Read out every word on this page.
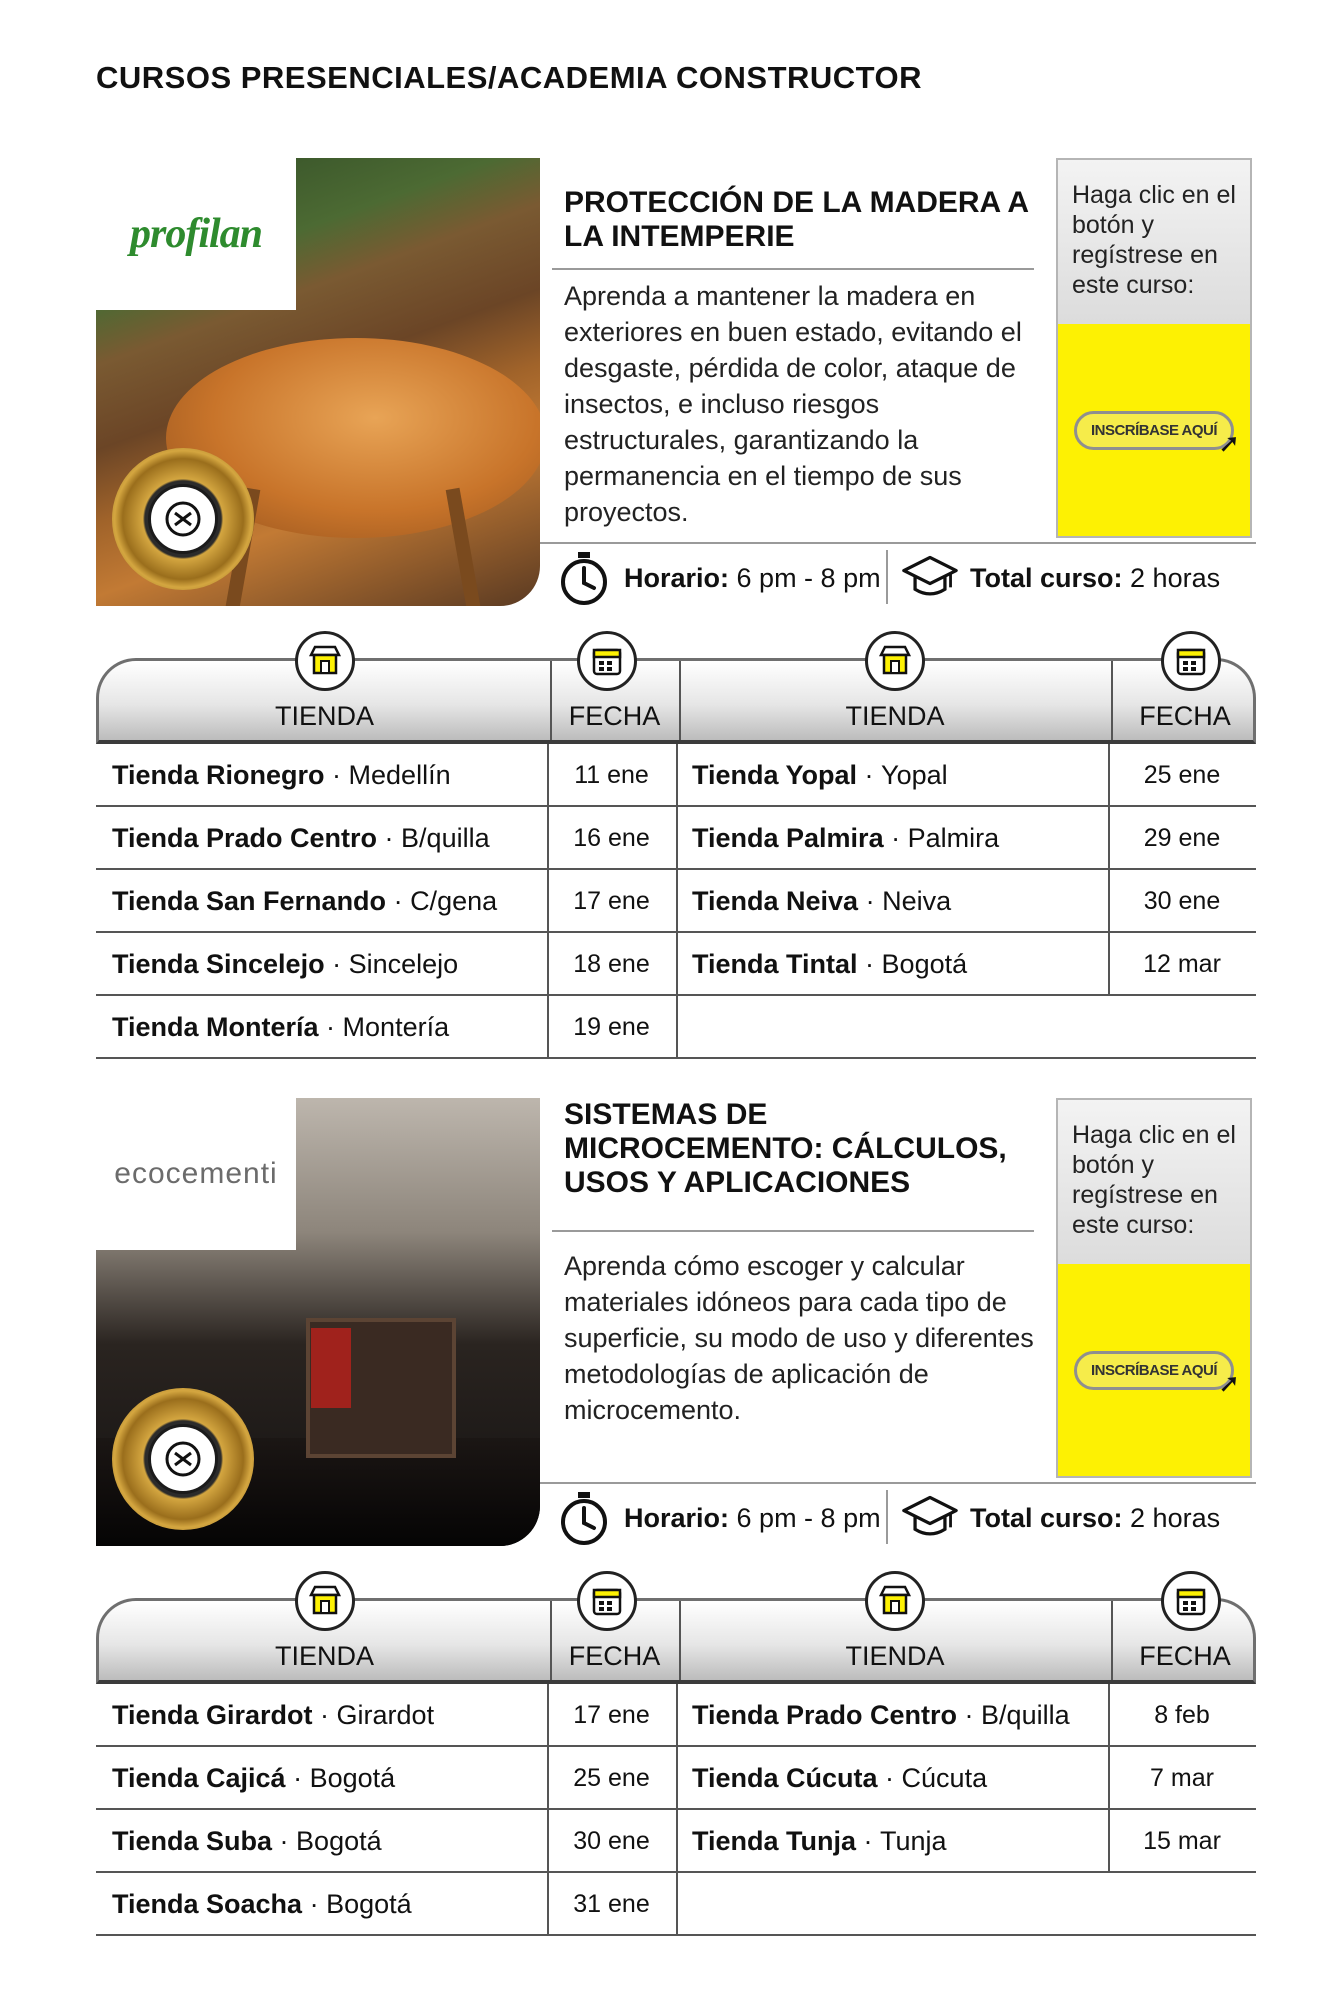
CURSOS PRESENCIALES/ACADEMIA CONSTRUCTOR
profilan
PROTECCIÓN DE LA MADERA A LA INTEMPERIE
Aprenda a mantener la madera en exteriores en buen estado, evitando el desgaste, pérdida de color, ataque de insectos, e incluso riesgos estructurales, garantizando la permanencia en el tiempo de sus proyectos.
Haga clic en el botón y regístrese en este curso:
INSCRÍBASE AQUÍ ➚
Horario: 6 pm - 8 pm	Total curso: 2 horas
TIENDA	FECHA	TIENDA	FECHA
Tienda Rionegro · Medellín	11 ene	Tienda Yopal · Yopal	25 ene
Tienda Prado Centro · B/quilla	16 ene	Tienda Palmira · Palmira	29 ene
Tienda San Fernando · C/gena	17 ene	Tienda Neiva · Neiva	30 ene
Tienda Sincelejo · Sincelejo	18 ene	Tienda Tintal · Bogotá	12 mar
Tienda Montería · Montería	19 ene
ecocementi
SISTEMAS DE MICROCEMENTO: CÁLCULOS, USOS Y APLICACIONES
Aprenda cómo escoger y calcular materiales idóneos para cada tipo de superficie, su modo de uso y diferentes metodologías de aplicación de microcemento.
Haga clic en el botón y regístrese en este curso:
INSCRÍBASE AQUÍ ➚
Horario: 6 pm - 8 pm	Total curso: 2 horas
TIENDA	FECHA	TIENDA	FECHA
Tienda Girardot · Girardot	17 ene	Tienda Prado Centro · B/quilla	8 feb
Tienda Cajicá · Bogotá	25 ene	Tienda Cúcuta · Cúcuta	7 mar
Tienda Suba · Bogotá	30 ene	Tienda Tunja · Tunja	15 mar
Tienda Soacha · Bogotá	31 ene
